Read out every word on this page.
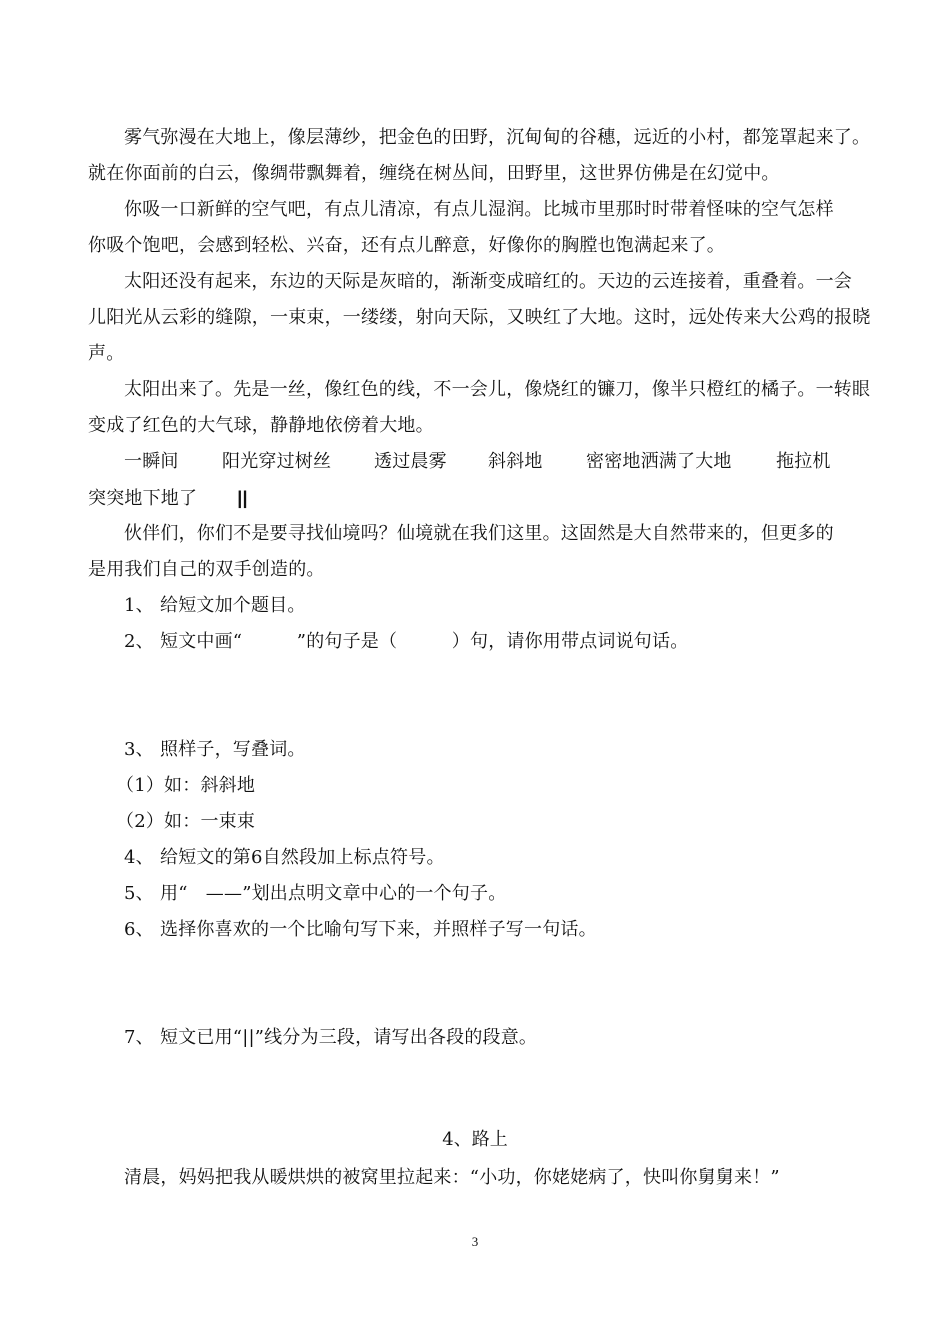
雾气弥漫在大地上，像层薄纱，把金色的田野，沉甸甸的谷穗，远近的小村，都笼罩起来了。
就在你面前的白云，像绸带飘舞着，缠绕在树丛间，田野里，这世界仿佛是在幻觉中。
你吸一口新鲜的空气吧，有点儿清凉，有点儿湿润。比城市里那时时带着怪味的空气怎样
你吸个饱吧，会感到轻松、兴奋，还有点儿醉意，好像你的胸膛也饱满起来了。
太阳还没有起来，东边的天际是灰暗的，渐渐变成暗红的。天边的云连接着，重叠着。一会
儿阳光从云彩的缝隙，一束束，一缕缕，射向天际，又映红了大地。这时，远处传来大公鸡的报晓
声。
太阳出来了。先是一丝，像红色的线，不一会儿，像烧红的镰刀，像半只橙红的橘子。一转眼
变成了红色的大气球，静静地依傍着大地。
一瞬间 阳光穿过树丝 透过晨雾 斜斜地 密密地洒满了大地 拖拉机
突突地下地了 ||
伙伴们，你们不是要寻找仙境吗？仙境就在我们这里。这固然是大自然带来的，但更多的
是用我们自己的双手创造的。
1、 给短文加个题目。
2、 短文中画“　　　”的句子是（　　　）句，请你用带点词说句话。
3、 照样子，写叠词。
（1）如：斜斜地
（2）如：一束束
4、 给短文的第6自然段加上标点符号。
5、 用“　——”划出点明文章中心的一个句子。
6、 选择你喜欢的一个比喻句写下来，并照样子写一句话。
7、 短文已用“||”线分为三段，请写出各段的段意。
4、路上
清晨，妈妈把我从暖烘烘的被窝里拉起来：“小功，你姥姥病了，快叫你舅舅来！”
3
